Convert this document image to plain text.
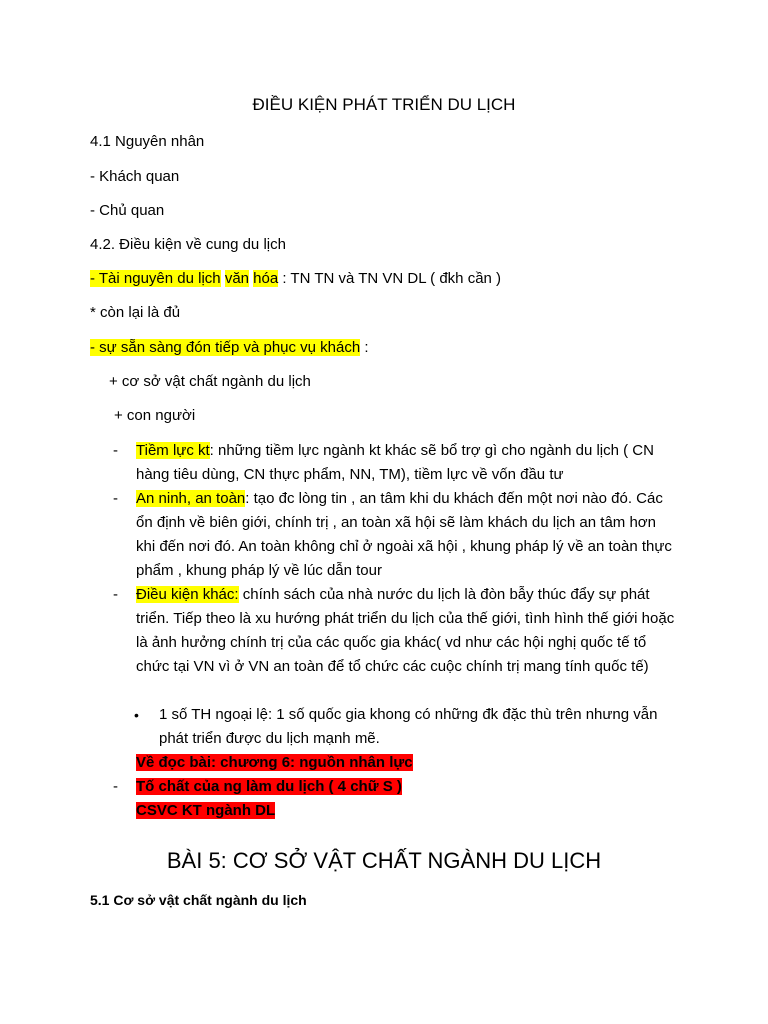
ĐIỀU KIỆN PHÁT TRIỂN DU LỊCH
4.1 Nguyên nhân
- Khách quan
- Chủ quan
4.2. Điều kiện về cung du lịch
- Tài nguyên du lịch văn hóa : TN TN và TN VN DL ( đkh cần )
* còn lại là đủ
- sự sẵn sàng đón tiếp và phục vụ khách :
+ cơ sở vật chất ngành du lịch
+ con người
- Tiềm lực kt: những tiềm lực ngành kt khác sẽ bổ trợ gì cho ngành du lịch ( CN hàng tiêu dùng, CN thực phẩm, NN, TM), tiềm lực về vốn đầu tư
- An ninh, an toàn: tạo đc lòng tin , an tâm khi du khách đến một nơi nào đó. Các ổn định về biên giới, chính trị , an toàn xã hội sẽ làm khách du lịch an tâm hơn khi đến nơi đó. An toàn không chỉ ở ngoài xã hội , khung pháp lý về an toàn thực phẩm , khung pháp lý về lúc dẫn tour
- Điều kiện khác: chính sách của nhà nước du lịch là đòn bẫy thúc đẩy sự phát triển. Tiếp theo là xu hướng phát triển du lịch của thế giới, tình hình thế giới hoặc là ảnh hưởng chính trị của các quốc gia khác( vd như các hội nghị quốc tế tổ chức tại VN vì ở VN an toàn để tổ chức các cuộc chính trị mang tính quốc tế)
• 1 số TH ngoại lệ: 1 số quốc gia khong có những đk đặc thù trên nhưng vẫn phát triển được du lịch mạnh mẽ.
Về đọc bài: chương 6: nguồn nhân lực
- Tố chất của ng làm du lịch ( 4 chữ S )
CSVC KT ngành DL
BÀI 5: CƠ SỞ VẬT CHẤT NGÀNH DU LỊCH
5.1 Cơ sở vật chất ngành du lịch
